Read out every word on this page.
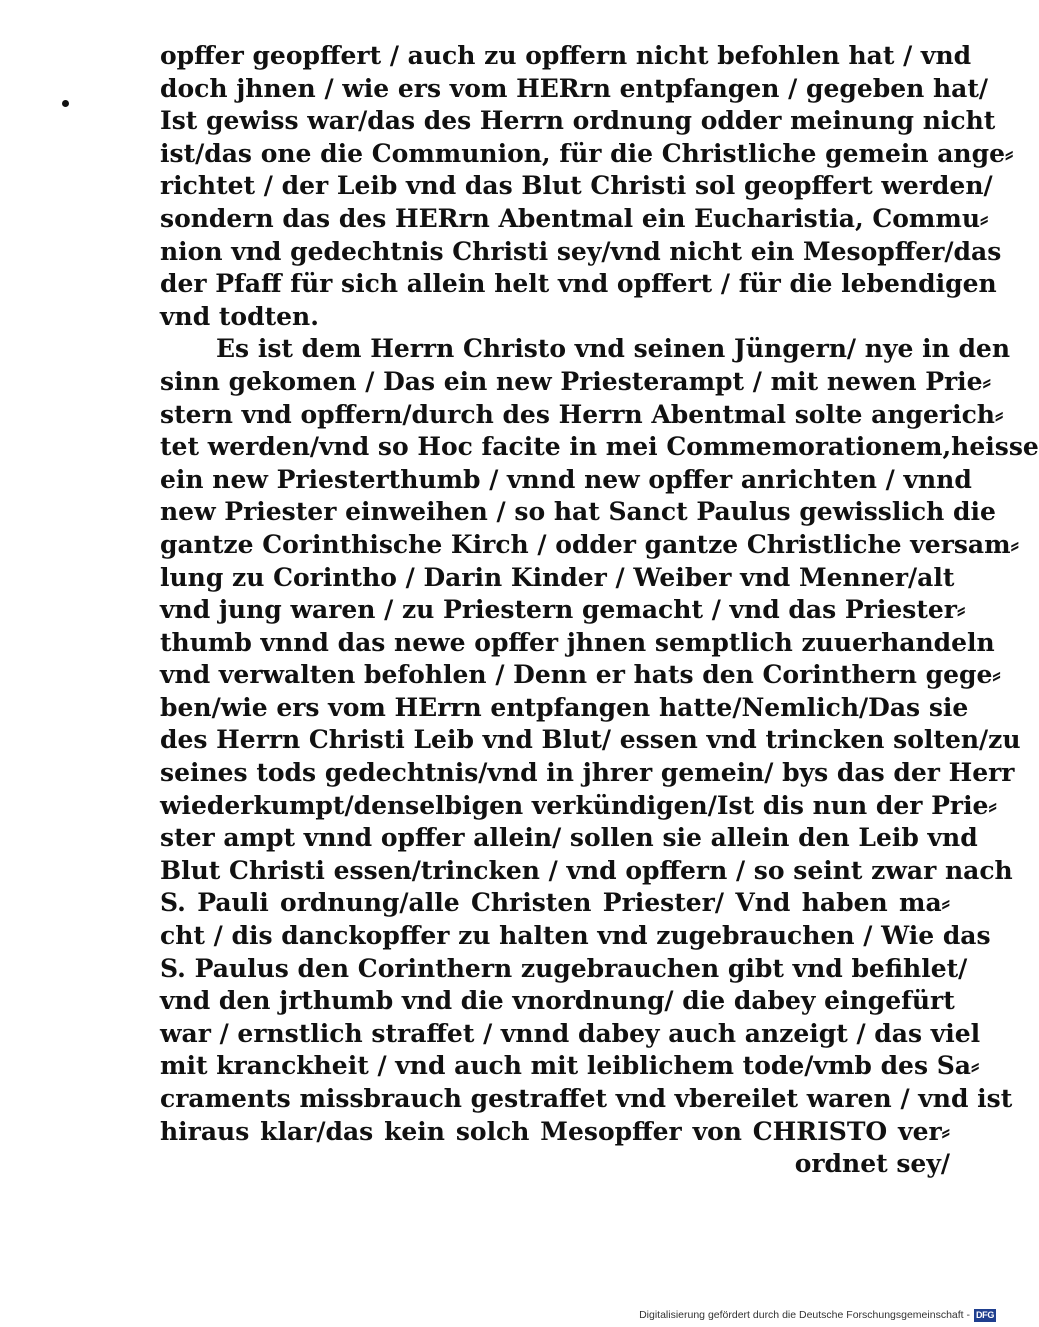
opffer geopffert / auch zu opffern nicht befohlen hat / vnd
doch jhnen / wie ers vom HERrn entpfangen / gegeben hat/
Ist gewiss war/das des Herrn ordnung odder meinung nicht
ist/das one die Communion, für die Christliche gemein ange⸗
richtet / der Leib vnd das Blut Christi sol geopffert werden/
sondern das des HERrn Abentmal ein Eucharistia, Commu⸗
nion vnd gedechtnis Christi sey/vnd nicht ein Mesopffer/das
der Pfaff für sich allein helt vnd opffert / für die lebendigen
vnd todten.
Es ist dem Herrn Christo vnd seinen Jüngern/ nye in den
sinn gekomen / Das ein new Priesterampt / mit newen Prie⸗
stern vnd opffern/durch des Herrn Abentmal solte angerich⸗
tet werden/vnd so Hoc facite in mei Commemorationem,heisse
ein new Priesterthumb / vnnd new opffer anrichten / vnnd
new Priester einweihen / so hat Sanct Paulus gewisslich die
gantze Corinthische Kirch / odder gantze Christliche versam⸗
lung zu Corintho / Darin Kinder / Weiber vnd Menner/alt
vnd jung waren / zu Priestern gemacht / vnd das Priester⸗
thumb vnnd das newe opffer jhnen semptlich zuuerhandeln
vnd verwalten befohlen / Denn er hats den Corinthern gege⸗
ben/wie ers vom HErrn entpfangen hatte/Nemlich/Das sie
des Herrn Christi Leib vnd Blut/ essen vnd trincken solten/zu
seines tods gedechtnis/vnd in jhrer gemein/ bys das der Herr
wiederkumpt/denselbigen verkündigen/Ist dis nun der Prie⸗
ster ampt vnnd opffer allein/ sollen sie allein den Leib vnd
Blut Christi essen/trincken / vnd opffern / so seint zwar nach
S. Pauli ordnung/alle Christen Priester/ Vnd haben ma⸗
cht / dis danckopffer zu halten vnd zugebrauchen / Wie das
S. Paulus den Corinthern zugebrauchen gibt vnd befihlet/
vnd den jrthumb vnd die vnordnung/ die dabey eingefürt
war / ernstlich straffet / vnnd dabey auch anzeigt / das viel
mit kranckheit / vnd auch mit leiblichem tode/vmb des Sa⸗
craments missbrauch gestraffet vnd vbereilet waren / vnd ist
hiraus klar/das kein solch Mesopffer von CHRISTO ver⸗
ordnet sey/
Digitalisierung gefördert durch die Deutsche Forschungsgemeinschaft - DFG
